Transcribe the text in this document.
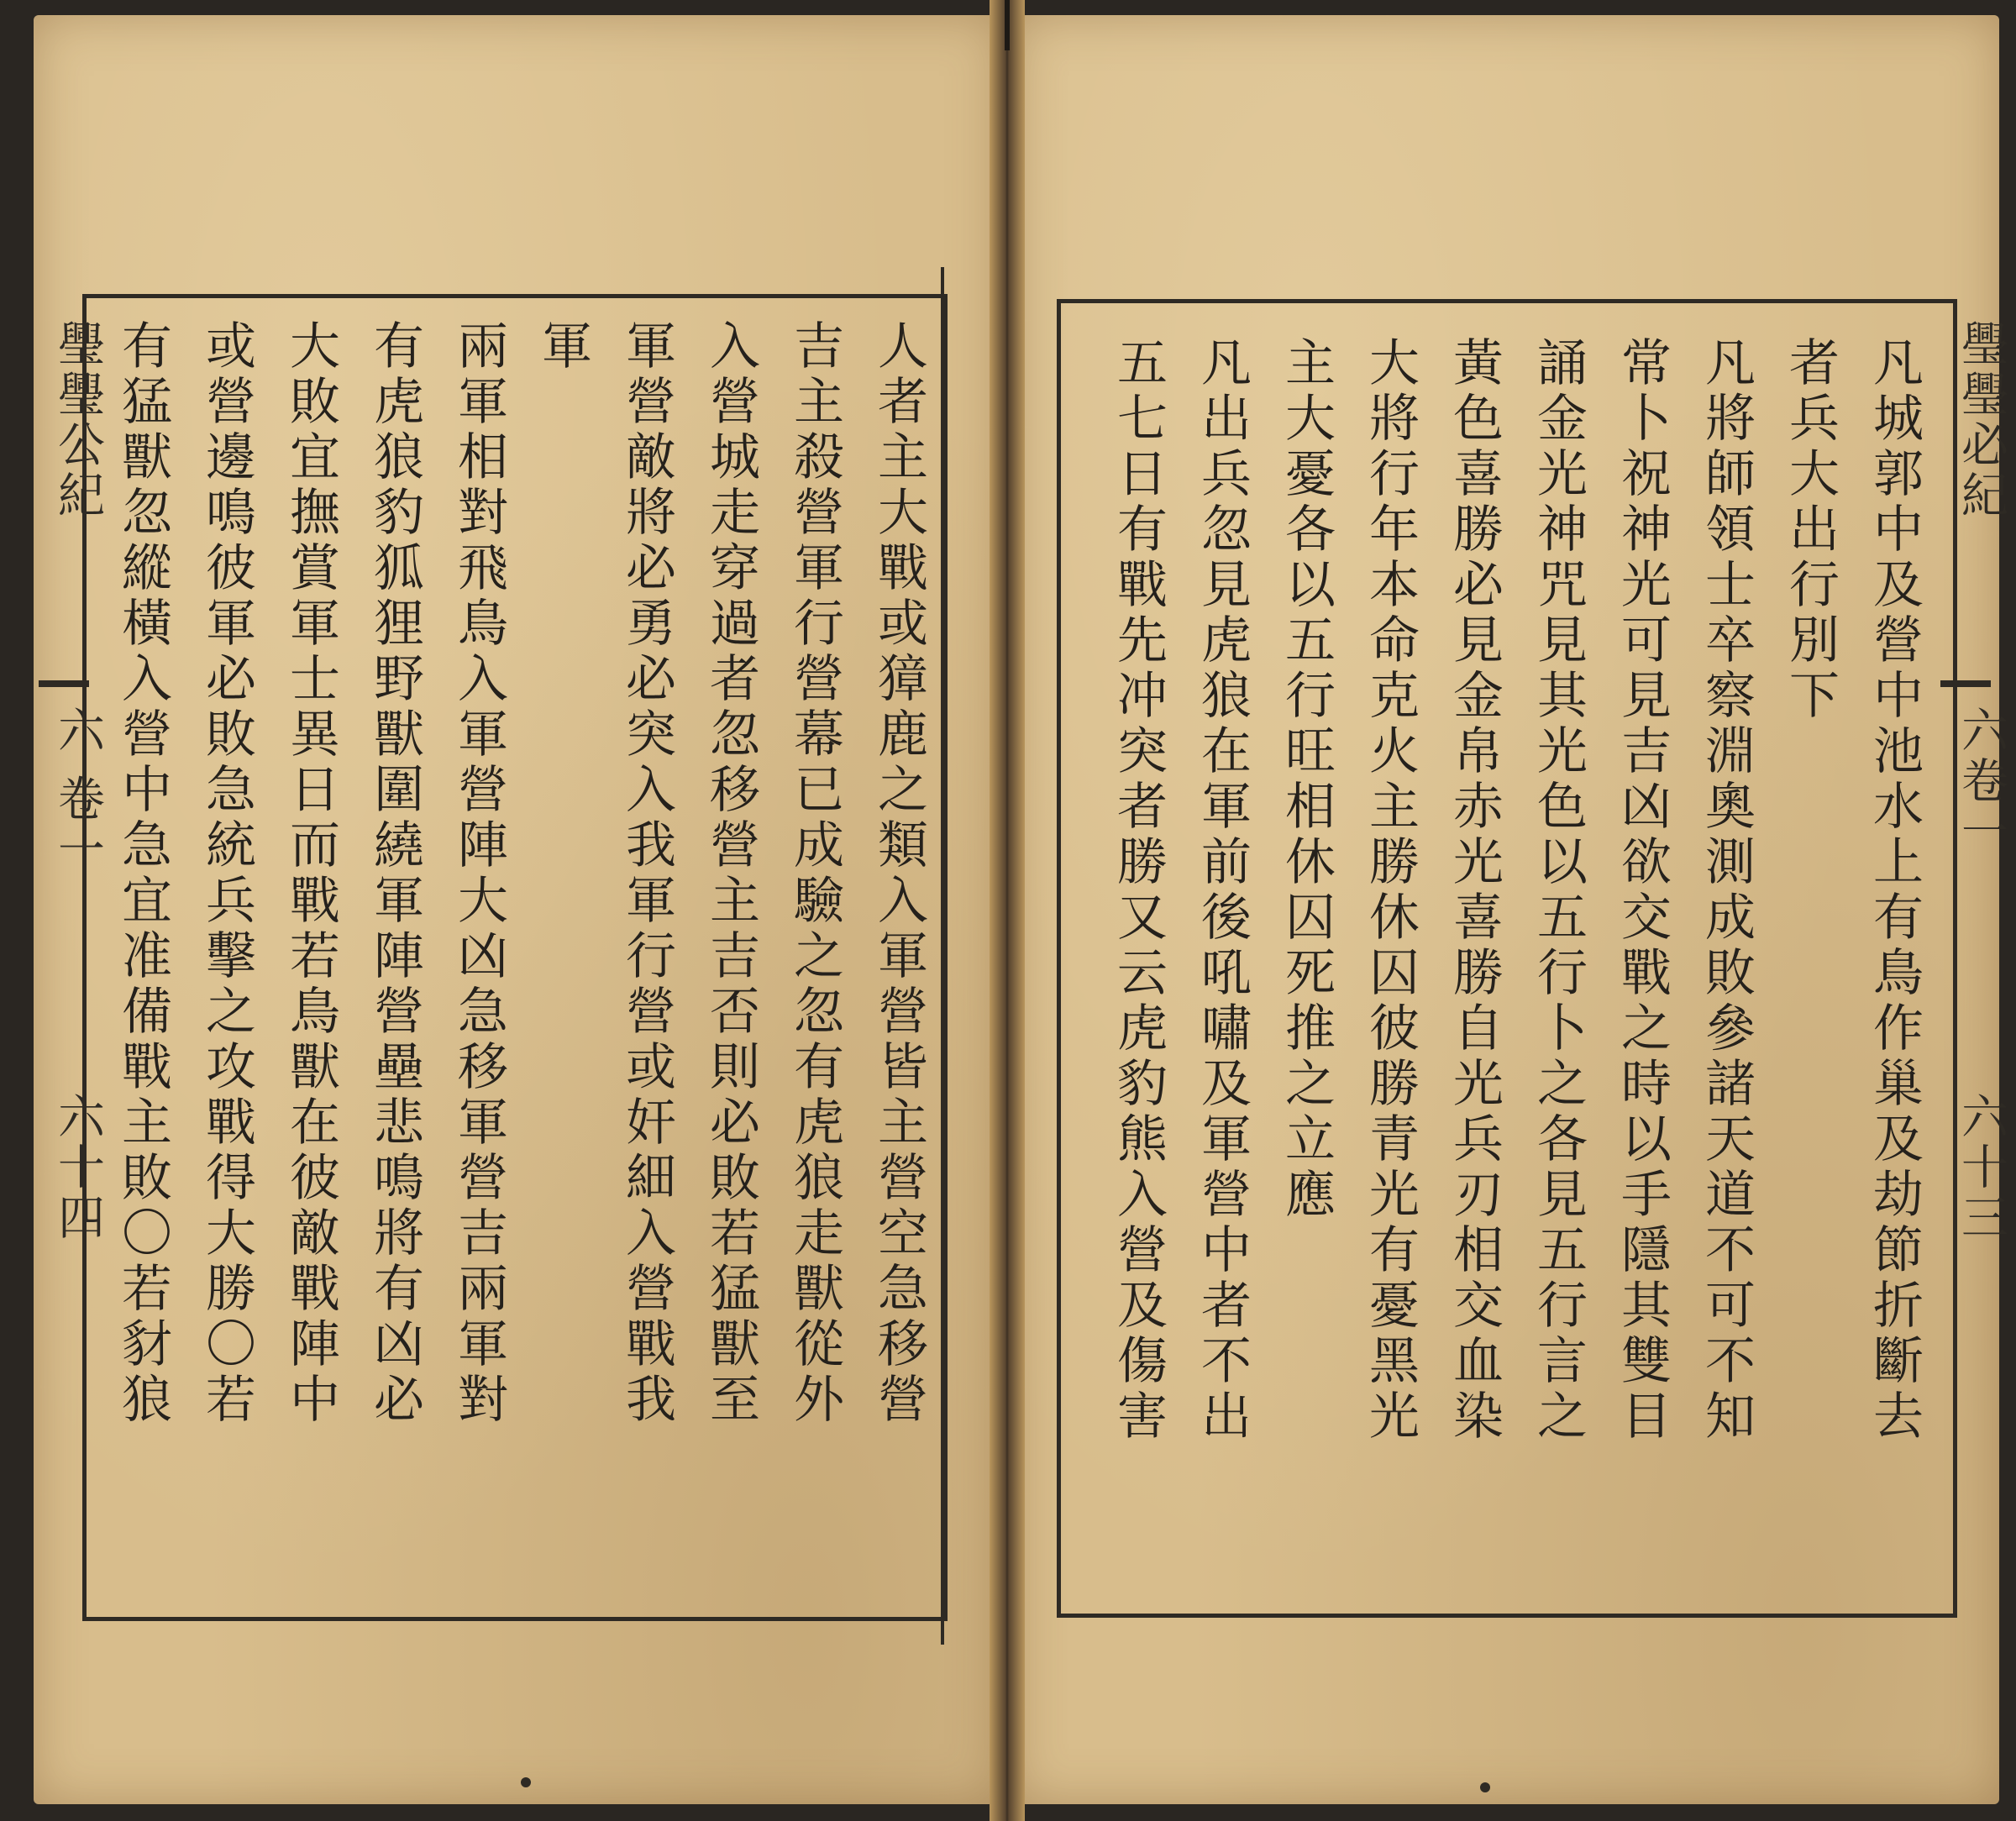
璺璺公紀
六 卷一
六十四
璺璺必紀
六卷一
六十三
人者主大戰或獐鹿之類入軍營皆主營空急移營
吉主殺營軍行營幕已成驗之忽有虎狼走獸從外
入營城走穿過者忽移營主吉否則必敗若猛獸至
軍營敵將必勇必突入我軍行營或奸細入營戰我
軍
兩軍相對飛鳥入軍營陣大凶急移軍營吉兩軍對
有虎狼豹狐狸野獸圍繞軍陣營壘悲鳴將有凶必
大敗宜撫賞軍士異日而戰若鳥獸在彼敵戰陣中
或營邊鳴彼軍必敗急統兵擊之攻戰得大勝〇若
有猛獸忽縱橫入營中急宜准備戰主敗〇若豺狼	凡城郭中及營中池水上有鳥作巢及劫節折斷去
者兵大出行別下
凡將師領士卒察淵奧測成敗參諸天道不可不知
常卜祝神光可見吉凶欲交戰之時以手隱其雙目
誦金光神咒見其光色以五行卜之各見五行言之
黃色喜勝必見金帛赤光喜勝自光兵刃相交血染
大將行年本命克火主勝休囚彼勝青光有憂黑光
主大憂各以五行旺相休囚死推之立應
凡出兵忽見虎狼在軍前後吼嘯及軍營中者不出
五七日有戰先冲突者勝又云虎豹熊入營及傷害
